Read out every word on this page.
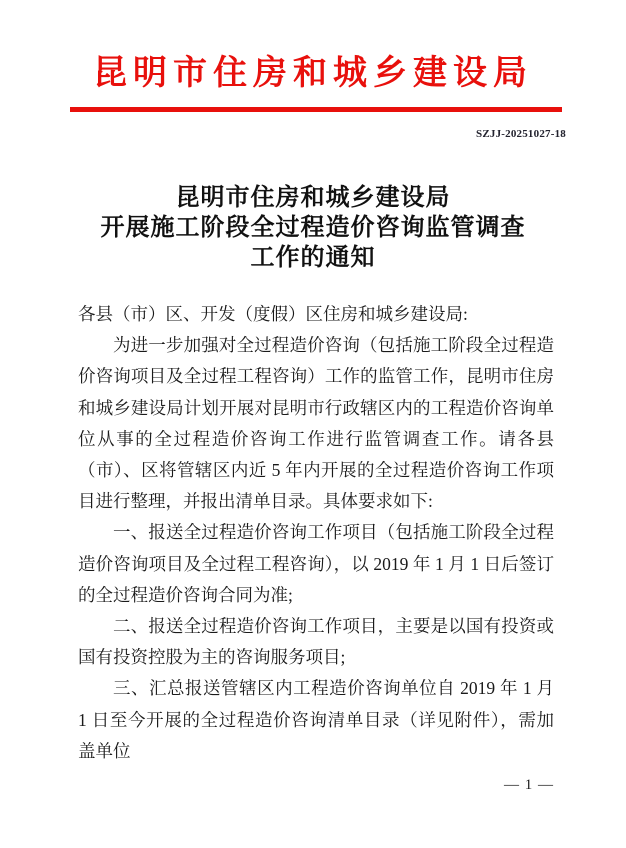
昆明市住房和城乡建设局
SZJJ-20251027-18
昆明市住房和城乡建设局
开展施工阶段全过程造价咨询监管调查
工作的通知

各县（市）区、开发（度假）区住房和城乡建设局:

为进一步加强对全过程造价咨询（包括施工阶段全过程造价咨询项目及全过程工程咨询）工作的监管工作，昆明市住房和城乡建设局计划开展对昆明市行政辖区内的工程造价咨询单位从事的全过程造价咨询工作进行监管调查工作。请各县（市）、区将管辖区内近 5 年内开展的全过程造价咨询工作项目进行整理，并报出清单目录。具体要求如下:

一、报送全过程造价咨询工作项目（包括施工阶段全过程造价咨询项目及全过程工程咨询），以 2019 年 1 月 1 日后签订的全过程造价咨询合同为准;

二、报送全过程造价咨询工作项目，主要是以国有投资或国有投资控股为主的咨询服务项目;

三、汇总报送管辖区内工程造价咨询单位自 2019 年 1 月 1 日至今开展的全过程造价咨询清单目录（详见附件），需加盖单位

— 1 —
